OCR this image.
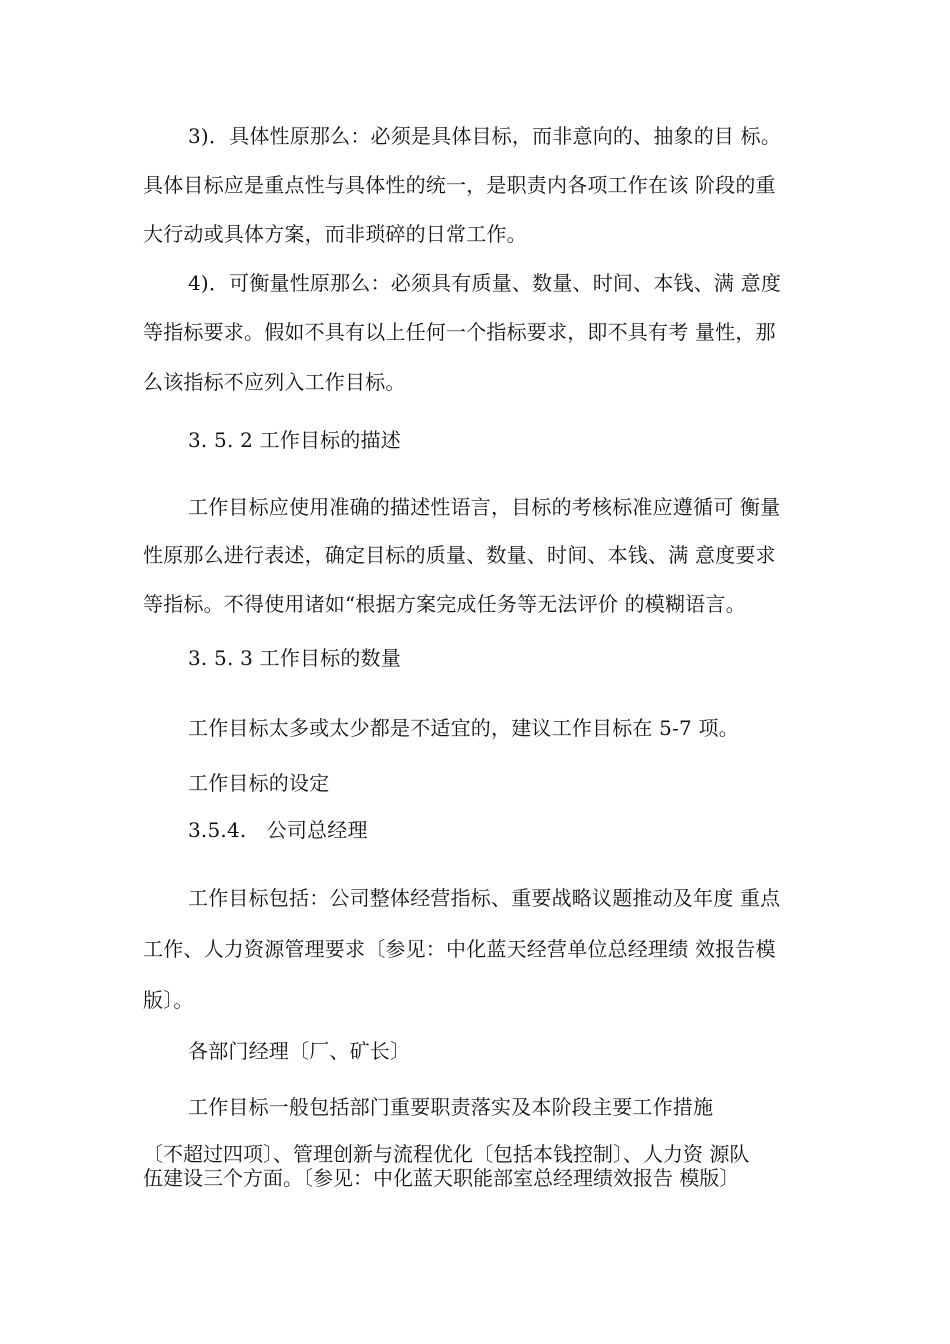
3)．具体性原那么：必须是具体目标，而非意向的、抽象的目 标。
具体目标应是重点性与具体性的统一，是职责内各项工作在该 阶段的重
大行动或具体方案，而非琐碎的日常工作。
4)．可衡量性原那么：必须具有质量、数量、时间、本钱、满 意度
等指标要求。假如不具有以上任何一个指标要求，即不具有考 量性，那
么该指标不应列入工作目标。
3. 5. 2 工作目标的描述
工作目标应使用准确的描述性语言，目标的考核标准应遵循可 衡量
性原那么进行表述，确定目标的质量、数量、时间、本钱、满 意度要求
等指标。不得使用诸如“根据方案完成任务等无法评价 的模糊语言。
3. 5. 3 工作目标的数量
工作目标太多或太少都是不适宜的，建议工作目标在 5-7 项。
工作目标的设定
3.5.4.　公司总经理
工作目标包括：公司整体经营指标、重要战略议题推动及年度 重点
工作、人力资源管理要求〔参见：中化蓝天经营单位总经理绩 效报告模
版〕。
各部门经理〔厂、矿长〕
工作目标一般包括部门重要职责落实及本阶段主要工作措施
〔不超过四项〕、管理创新与流程优化〔包括本钱控制〕、人力资 源队
伍建设三个方面。〔参见：中化蓝天职能部室总经理绩效报告 模版〕
